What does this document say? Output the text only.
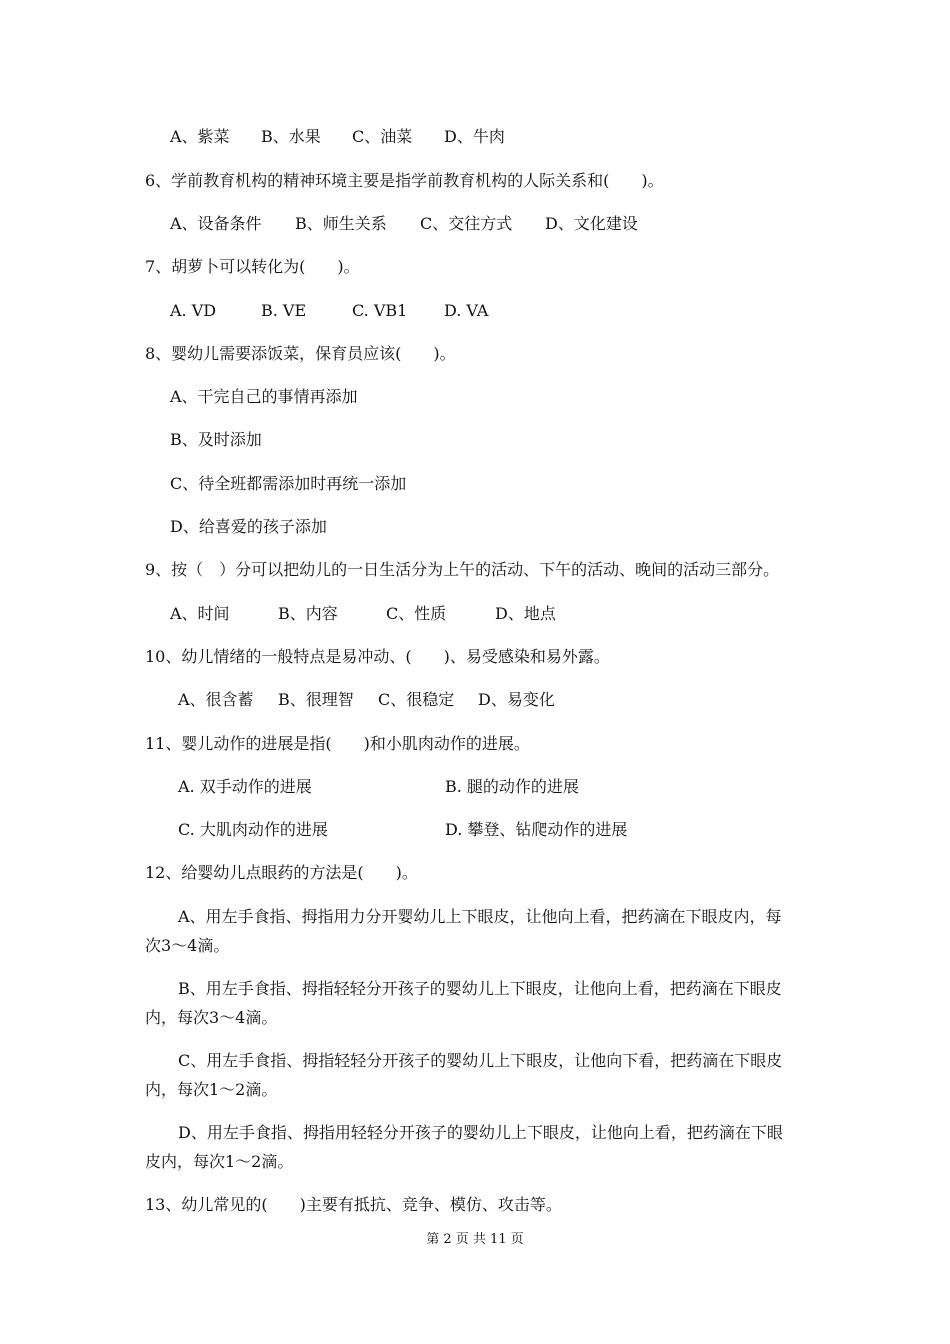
A、紫菜 B、水果 C、油菜 D、牛肉
6、学前教育机构的精神环境主要是指学前教育机构的人际关系和(　　)。
A、设备条件 B、师生关系 C、交往方式 D、文化建设
7、胡萝卜可以转化为(　　)。
A. VD	B. VE	C. VB1 D. VA
8、婴幼儿需要添饭菜，保育员应该(　　)。
A、干完自己的事情再添加
B、及时添加
C、待全班都需添加时再统一添加
D、给喜爱的孩子添加
9、按（　）分可以把幼儿的一日生活分为上午的活动、下午的活动、晚间的活动三部分。
A、时间	B、内容	C、性质	D、地点
10、幼儿情绪的一般特点是易冲动、(　　)、易受感染和易外露。
A、很含蓄 B、很理智 C、很稳定 D、易变化
11、婴儿动作的进展是指(　　)和小肌肉动作的进展。
A. 双手动作的进展	B. 腿的动作的进展
C. 大肌肉动作的进展	D. 攀登、钻爬动作的进展
12、给婴幼儿点眼药的方法是(　　)。
A、用左手食指、拇指用力分开婴幼儿上下眼皮，让他向上看，把药滴在下眼皮内，每
次3～4滴。
B、用左手食指、拇指轻轻分开孩子的婴幼儿上下眼皮，让他向上看，把药滴在下眼皮
内，每次3～4滴。
C、用左手食指、拇指轻轻分开孩子的婴幼儿上下眼皮，让他向下看，把药滴在下眼皮
内，每次1～2滴。
D、用左手食指、拇指用轻轻分开孩子的婴幼儿上下眼皮，让他向上看，把药滴在下眼
皮内，每次1～2滴。
13、幼儿常见的(　　)主要有抵抗、竞争、模仿、攻击等。
第 2 页 共 11 页
